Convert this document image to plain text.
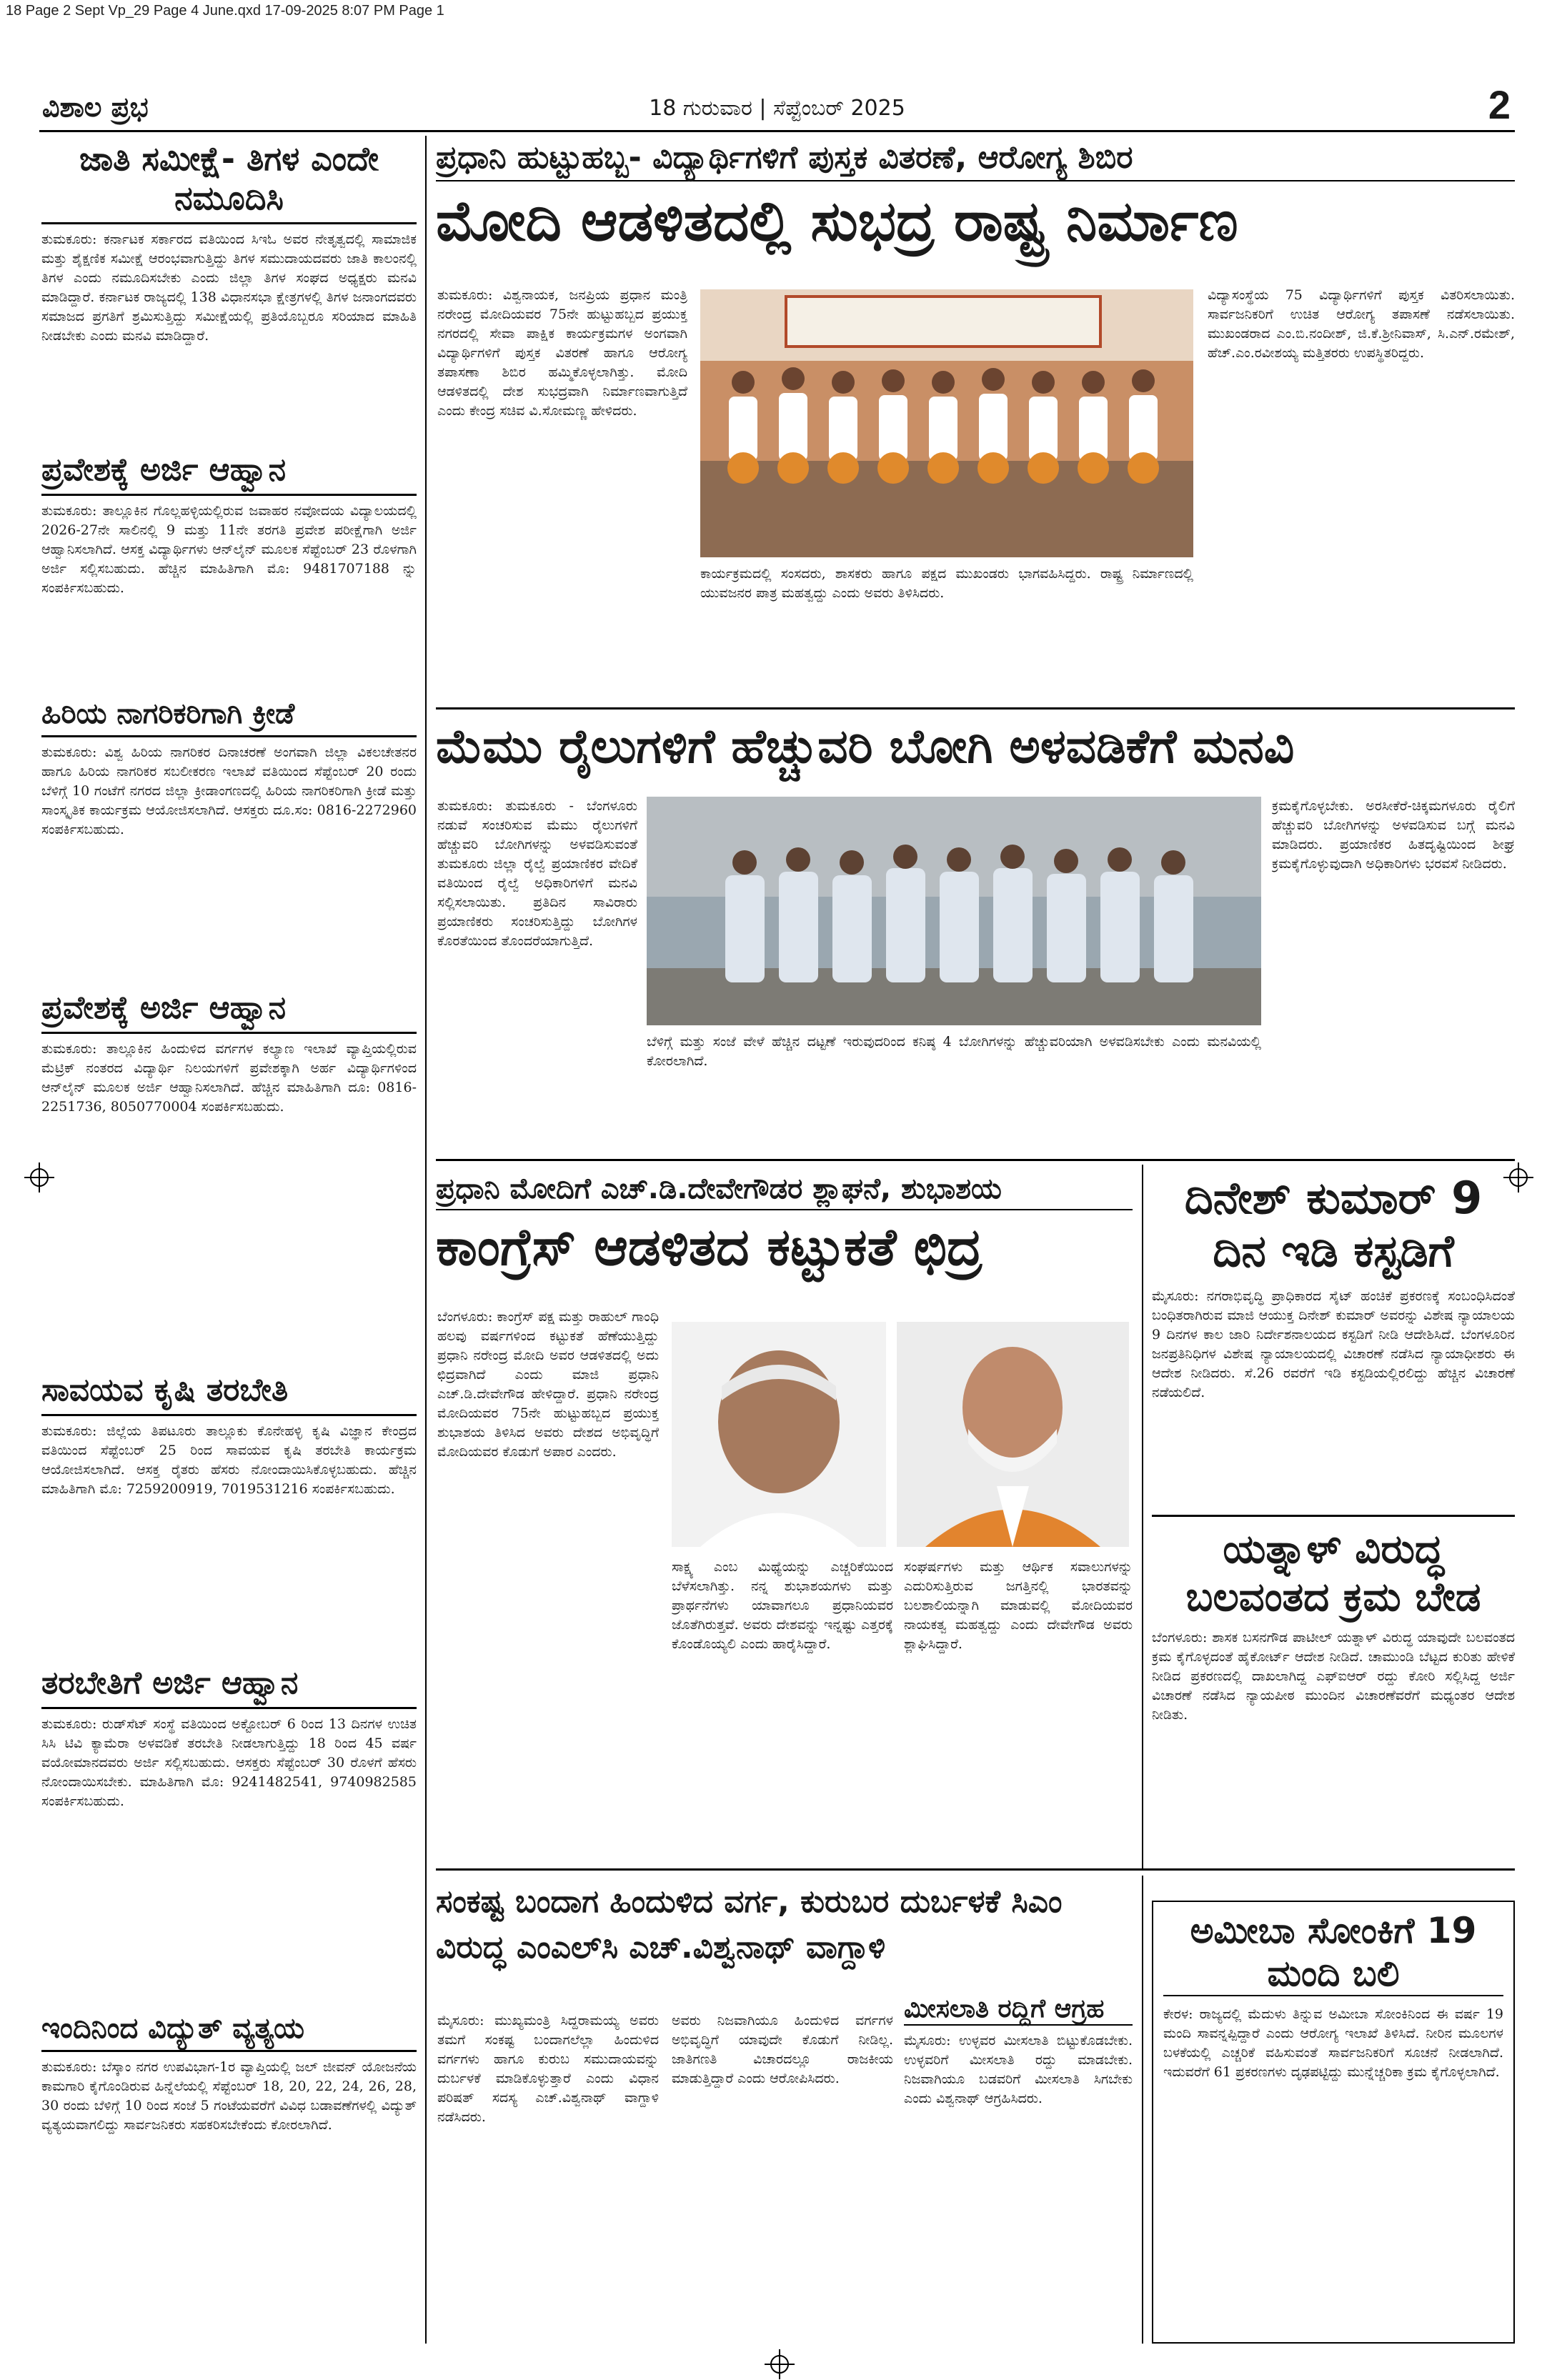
18 Page 2 Sept Vp_29 Page 4 June.qxd 17-09-2025 8:07 PM Page 1
ವಿಶಾಲ ಪ್ರಭ	18 ಗುರುವಾರ | ಸೆಪ್ಟೆಂಬರ್ 2025	2
ಜಾತಿ ಸಮೀಕ್ಷೆ- ತಿಗಳ ಎಂದೇ ನಮೂದಿಸಿ

ತುಮಕೂರು: ಕರ್ನಾಟಕ ಸರ್ಕಾರದ ವತಿಯಿಂದ ಸಿಇಓ ಅವರ ನೇತೃತ್ವದಲ್ಲಿ ಸಾಮಾಜಿಕ ಮತ್ತು ಶೈಕ್ಷಣಿಕ ಸಮೀಕ್ಷೆ ಆರಂಭವಾಗುತ್ತಿದ್ದು ತಿಗಳ ಸಮುದಾಯದವರು ಜಾತಿ ಕಾಲಂನಲ್ಲಿ ತಿಗಳ ಎಂದು ನಮೂದಿಸಬೇಕು ಎಂದು ಜಿಲ್ಲಾ ತಿಗಳ ಸಂಘದ ಅಧ್ಯಕ್ಷರು ಮನವಿ ಮಾಡಿದ್ದಾರೆ. ಕರ್ನಾಟಕ ರಾಜ್ಯದಲ್ಲಿ 138 ವಿಧಾನಸಭಾ ಕ್ಷೇತ್ರಗಳಲ್ಲಿ ತಿಗಳ ಜನಾಂಗದವರು ಸಮಾಜದ ಪ್ರಗತಿಗೆ ಶ್ರಮಿಸುತ್ತಿದ್ದು ಸಮೀಕ್ಷೆಯಲ್ಲಿ ಪ್ರತಿಯೊಬ್ಬರೂ ಸರಿಯಾದ ಮಾಹಿತಿ ನೀಡಬೇಕು ಎಂದು ಮನವಿ ಮಾಡಿದ್ದಾರೆ.

ಪ್ರವೇಶಕ್ಕೆ ಅರ್ಜಿ ಆಹ್ವಾನ

ತುಮಕೂರು: ತಾಲ್ಲೂಕಿನ ಗೊಲ್ಲಹಳ್ಳಿಯಲ್ಲಿರುವ ಜವಾಹರ ನವೋದಯ ವಿದ್ಯಾಲಯದಲ್ಲಿ 2026-27ನೇ ಸಾಲಿನಲ್ಲಿ 9 ಮತ್ತು 11ನೇ ತರಗತಿ ಪ್ರವೇಶ ಪರೀಕ್ಷೆಗಾಗಿ ಅರ್ಜಿ ಆಹ್ವಾನಿಸಲಾಗಿದೆ. ಆಸಕ್ತ ವಿದ್ಯಾರ್ಥಿಗಳು ಆನ್‌ಲೈನ್ ಮೂಲಕ ಸೆಪ್ಟೆಂಬರ್ 23 ರೊಳಗಾಗಿ ಅರ್ಜಿ ಸಲ್ಲಿಸಬಹುದು. ಹೆಚ್ಚಿನ ಮಾಹಿತಿಗಾಗಿ ಮೊ: 9481707188 ನ್ನು ಸಂಪರ್ಕಿಸಬಹುದು.

ಹಿರಿಯ ನಾಗರಿಕರಿಗಾಗಿ ಕ್ರೀಡೆ

ತುಮಕೂರು: ವಿಶ್ವ ಹಿರಿಯ ನಾಗರಿಕರ ದಿನಾಚರಣೆ ಅಂಗವಾಗಿ ಜಿಲ್ಲಾ ವಿಕಲಚೇತನರ ಹಾಗೂ ಹಿರಿಯ ನಾಗರಿಕರ ಸಬಲೀಕರಣ ಇಲಾಖೆ ವತಿಯಿಂದ ಸೆಪ್ಟೆಂಬರ್ 20 ರಂದು ಬೆಳಿಗ್ಗೆ 10 ಗಂಟೆಗೆ ನಗರದ ಜಿಲ್ಲಾ ಕ್ರೀಡಾಂಗಣದಲ್ಲಿ ಹಿರಿಯ ನಾಗರಿಕರಿಗಾಗಿ ಕ್ರೀಡೆ ಮತ್ತು ಸಾಂಸ್ಕೃತಿಕ ಕಾರ್ಯಕ್ರಮ ಆಯೋಜಿಸಲಾಗಿದೆ. ಆಸಕ್ತರು ದೂ.ಸಂ: 0816-2272960 ಸಂಪರ್ಕಿಸಬಹುದು.

ಪ್ರವೇಶಕ್ಕೆ ಅರ್ಜಿ ಆಹ್ವಾನ

ತುಮಕೂರು: ತಾಲ್ಲೂಕಿನ ಹಿಂದುಳಿದ ವರ್ಗಗಳ ಕಲ್ಯಾಣ ಇಲಾಖೆ ವ್ಯಾಪ್ತಿಯಲ್ಲಿರುವ ಮೆಟ್ರಿಕ್ ನಂತರದ ವಿದ್ಯಾರ್ಥಿ ನಿಲಯಗಳಿಗೆ ಪ್ರವೇಶಕ್ಕಾಗಿ ಅರ್ಹ ವಿದ್ಯಾರ್ಥಿಗಳಿಂದ ಆನ್‌ಲೈನ್ ಮೂಲಕ ಅರ್ಜಿ ಆಹ್ವಾನಿಸಲಾಗಿದೆ. ಹೆಚ್ಚಿನ ಮಾಹಿತಿಗಾಗಿ ದೂ: 0816-2251736, 8050770004 ಸಂಪರ್ಕಿಸಬಹುದು.

ಸಾವಯವ ಕೃಷಿ ತರಬೇತಿ

ತುಮಕೂರು: ಜಿಲ್ಲೆಯ ತಿಪಟೂರು ತಾಲ್ಲೂಕು ಕೊನೇಹಳ್ಳಿ ಕೃಷಿ ವಿಜ್ಞಾನ ಕೇಂದ್ರದ ವತಿಯಿಂದ ಸೆಪ್ಟೆಂಬರ್ 25 ರಿಂದ ಸಾವಯವ ಕೃಷಿ ತರಬೇತಿ ಕಾರ್ಯಕ್ರಮ ಆಯೋಜಿಸಲಾಗಿದೆ. ಆಸಕ್ತ ರೈತರು ಹೆಸರು ನೋಂದಾಯಿಸಿಕೊಳ್ಳಬಹುದು. ಹೆಚ್ಚಿನ ಮಾಹಿತಿಗಾಗಿ ಮೊ: 7259200919, 7019531216 ಸಂಪರ್ಕಿಸಬಹುದು.

ತರಬೇತಿಗೆ ಅರ್ಜಿ ಆಹ್ವಾನ

ತುಮಕೂರು: ರುಡ್‌ಸೆಟ್ ಸಂಸ್ಥೆ ವತಿಯಿಂದ ಅಕ್ಟೋಬರ್ 6 ರಿಂದ 13 ದಿನಗಳ ಉಚಿತ ಸಿಸಿ ಟಿವಿ ಕ್ಯಾಮೆರಾ ಅಳವಡಿಕೆ ತರಬೇತಿ ನೀಡಲಾಗುತ್ತಿದ್ದು 18 ರಿಂದ 45 ವರ್ಷ ವಯೋಮಾನದವರು ಅರ್ಜಿ ಸಲ್ಲಿಸಬಹುದು. ಆಸಕ್ತರು ಸೆಪ್ಟೆಂಬರ್ 30 ರೊಳಗೆ ಹೆಸರು ನೋಂದಾಯಿಸಬೇಕು. ಮಾಹಿತಿಗಾಗಿ ಮೊ: 9241482541, 9740982585 ಸಂಪರ್ಕಿಸಬಹುದು.

ಇಂದಿನಿಂದ ವಿದ್ಯುತ್ ವ್ಯತ್ಯಯ

ತುಮಕೂರು: ಬೆಸ್ಕಾಂ ನಗರ ಉಪವಿಭಾಗ-1ರ ವ್ಯಾಪ್ತಿಯಲ್ಲಿ ಜಲ್ ಜೀವನ್ ಯೋಜನೆಯ ಕಾಮಗಾರಿ ಕೈಗೊಂಡಿರುವ ಹಿನ್ನೆಲೆಯಲ್ಲಿ ಸೆಪ್ಟೆಂಬರ್ 18, 20, 22, 24, 26, 28, 30 ರಂದು ಬೆಳಿಗ್ಗೆ 10 ರಿಂದ ಸಂಜೆ 5 ಗಂಟೆಯವರೆಗೆ ವಿವಿಧ ಬಡಾವಣೆಗಳಲ್ಲಿ ವಿದ್ಯುತ್ ವ್ಯತ್ಯಯವಾಗಲಿದ್ದು ಸಾರ್ವಜನಿಕರು ಸಹಕರಿಸಬೇಕೆಂದು ಕೋರಲಾಗಿದೆ.

ಪ್ರಧಾನಿ ಹುಟ್ಟುಹಬ್ಬ- ವಿದ್ಯಾರ್ಥಿಗಳಿಗೆ ಪುಸ್ತಕ ವಿತರಣೆ, ಆರೋಗ್ಯ ಶಿಬಿರ
ಮೋದಿ ಆಡಳಿತದಲ್ಲಿ ಸುಭದ್ರ ರಾಷ್ಟ್ರ ನಿರ್ಮಾಣ

ತುಮಕೂರು: ವಿಶ್ವನಾಯಕ, ಜನಪ್ರಿಯ ಪ್ರಧಾನ ಮಂತ್ರಿ ನರೇಂದ್ರ ಮೋದಿಯವರ 75ನೇ ಹುಟ್ಟುಹಬ್ಬದ ಪ್ರಯುಕ್ತ ನಗರದಲ್ಲಿ ಸೇವಾ ಪಾಕ್ಷಿಕ ಕಾರ್ಯಕ್ರಮಗಳ ಅಂಗವಾಗಿ ವಿದ್ಯಾರ್ಥಿಗಳಿಗೆ ಪುಸ್ತಕ ವಿತರಣೆ ಹಾಗೂ ಆರೋಗ್ಯ ತಪಾಸಣಾ ಶಿಬಿರ ಹಮ್ಮಿಕೊಳ್ಳಲಾಗಿತ್ತು. ಮೋದಿ ಆಡಳಿತದಲ್ಲಿ ದೇಶ ಸುಭದ್ರವಾಗಿ ನಿರ್ಮಾಣವಾಗುತ್ತಿದೆ ಎಂದು ಕೇಂದ್ರ ಸಚಿವ ವಿ.ಸೋಮಣ್ಣ ಹೇಳಿದರು.

ಕಾರ್ಯಕ್ರಮದಲ್ಲಿ ಸಂಸದರು, ಶಾಸಕರು ಹಾಗೂ ಪಕ್ಷದ ಮುಖಂಡರು ಭಾಗವಹಿಸಿದ್ದರು. ರಾಷ್ಟ್ರ ನಿರ್ಮಾಣದಲ್ಲಿ ಯುವಜನರ ಪಾತ್ರ ಮಹತ್ವದ್ದು ಎಂದು ಅವರು ತಿಳಿಸಿದರು.

ವಿದ್ಯಾಸಂಸ್ಥೆಯ 75 ವಿದ್ಯಾರ್ಥಿಗಳಿಗೆ ಪುಸ್ತಕ ವಿತರಿಸಲಾಯಿತು. ಸಾರ್ವಜನಿಕರಿಗೆ ಉಚಿತ ಆರೋಗ್ಯ ತಪಾಸಣೆ ನಡೆಸಲಾಯಿತು. ಮುಖಂಡರಾದ ಎಂ.ಬಿ.ನಂದೀಶ್, ಜಿ.ಕೆ.ಶ್ರೀನಿವಾಸ್, ಸಿ.ಎನ್.ರಮೇಶ್, ಹೆಚ್.ಎಂ.ರವೀಶಯ್ಯ ಮತ್ತಿತರರು ಉಪಸ್ಥಿತರಿದ್ದರು.

ಮೆಮು ರೈಲುಗಳಿಗೆ ಹೆಚ್ಚುವರಿ ಬೋಗಿ ಅಳವಡಿಕೆಗೆ ಮನವಿ

ತುಮಕೂರು: ತುಮಕೂರು - ಬೆಂಗಳೂರು ನಡುವೆ ಸಂಚರಿಸುವ ಮೆಮು ರೈಲುಗಳಿಗೆ ಹೆಚ್ಚುವರಿ ಬೋಗಿಗಳನ್ನು ಅಳವಡಿಸುವಂತೆ ತುಮಕೂರು ಜಿಲ್ಲಾ ರೈಲ್ವೆ ಪ್ರಯಾಣಿಕರ ವೇದಿಕೆ ವತಿಯಿಂದ ರೈಲ್ವೆ ಅಧಿಕಾರಿಗಳಿಗೆ ಮನವಿ ಸಲ್ಲಿಸಲಾಯಿತು. ಪ್ರತಿದಿನ ಸಾವಿರಾರು ಪ್ರಯಾಣಿಕರು ಸಂಚರಿಸುತ್ತಿದ್ದು ಬೋಗಿಗಳ ಕೊರತೆಯಿಂದ ತೊಂದರೆಯಾಗುತ್ತಿದೆ.

ಬೆಳಿಗ್ಗೆ ಮತ್ತು ಸಂಜೆ ವೇಳೆ ಹೆಚ್ಚಿನ ದಟ್ಟಣೆ ಇರುವುದರಿಂದ ಕನಿಷ್ಠ 4 ಬೋಗಿಗಳನ್ನು ಹೆಚ್ಚುವರಿಯಾಗಿ ಅಳವಡಿಸಬೇಕು ಎಂದು ಮನವಿಯಲ್ಲಿ ಕೋರಲಾಗಿದೆ.

ಕ್ರಮಕೈಗೊಳ್ಳಬೇಕು. ಅರಸೀಕೆರೆ-ಚಿಕ್ಕಮಗಳೂರು ರೈಲಿಗೆ ಹೆಚ್ಚುವರಿ ಬೋಗಿಗಳನ್ನು ಅಳವಡಿಸುವ ಬಗ್ಗೆ ಮನವಿ ಮಾಡಿದರು. ಪ್ರಯಾಣಿಕರ ಹಿತದೃಷ್ಟಿಯಿಂದ ಶೀಘ್ರ ಕ್ರಮಕೈಗೊಳ್ಳುವುದಾಗಿ ಅಧಿಕಾರಿಗಳು ಭರವಸೆ ನೀಡಿದರು.

ಪ್ರಧಾನಿ ಮೋದಿಗೆ ಎಚ್.ಡಿ.ದೇವೇಗೌಡರ ಶ್ಲಾಘನೆ, ಶುಭಾಶಯ
ಕಾಂಗ್ರೆಸ್ ಆಡಳಿತದ ಕಟ್ಟುಕತೆ ಛಿದ್ರ

ಬೆಂಗಳೂರು: ಕಾಂಗ್ರೆಸ್ ಪಕ್ಷ ಮತ್ತು ರಾಹುಲ್ ಗಾಂಧಿ ಹಲವು ವರ್ಷಗಳಿಂದ ಕಟ್ಟುಕತೆ ಹೆಣೆಯುತ್ತಿದ್ದು ಪ್ರಧಾನಿ ನರೇಂದ್ರ ಮೋದಿ ಅವರ ಆಡಳಿತದಲ್ಲಿ ಅದು ಛಿದ್ರವಾಗಿದೆ ಎಂದು ಮಾಜಿ ಪ್ರಧಾನಿ ಎಚ್.ಡಿ.ದೇವೇಗೌಡ ಹೇಳಿದ್ದಾರೆ. ಪ್ರಧಾನಿ ನರೇಂದ್ರ ಮೋದಿಯವರ 75ನೇ ಹುಟ್ಟುಹಬ್ಬದ ಪ್ರಯುಕ್ತ ಶುಭಾಶಯ ತಿಳಿಸಿದ ಅವರು ದೇಶದ ಅಭಿವೃದ್ಧಿಗೆ ಮೋದಿಯವರ ಕೊಡುಗೆ ಅಪಾರ ಎಂದರು.

ಸಾಕ್ಷ್ಯ ಎಂಬ ಮಿಥ್ಯೆಯನ್ನು ಎಚ್ಚರಿಕೆಯಿಂದ ಬೆಳೆಸಲಾಗಿತ್ತು. ನನ್ನ ಶುಭಾಶಯಗಳು ಮತ್ತು ಪ್ರಾರ್ಥನೆಗಳು ಯಾವಾಗಲೂ ಪ್ರಧಾನಿಯವರ ಜೊತೆಗಿರುತ್ತವೆ. ಅವರು ದೇಶವನ್ನು ಇನ್ನಷ್ಟು ಎತ್ತರಕ್ಕೆ ಕೊಂಡೊಯ್ಯಲಿ ಎಂದು ಹಾರೈಸಿದ್ದಾರೆ.

ಸಂಘರ್ಷಗಳು ಮತ್ತು ಆರ್ಥಿಕ ಸವಾಲುಗಳನ್ನು ಎದುರಿಸುತ್ತಿರುವ ಜಗತ್ತಿನಲ್ಲಿ ಭಾರತವನ್ನು ಬಲಶಾಲಿಯನ್ನಾಗಿ ಮಾಡುವಲ್ಲಿ ಮೋದಿಯವರ ನಾಯಕತ್ವ ಮಹತ್ವದ್ದು ಎಂದು ದೇವೇಗೌಡ ಅವರು ಶ್ಲಾಘಿಸಿದ್ದಾರೆ.

ದಿನೇಶ್ ಕುಮಾರ್ 9 ದಿನ ಇಡಿ ಕಸ್ಟಡಿಗೆ

ಮೈಸೂರು: ನಗರಾಭಿವೃದ್ಧಿ ಪ್ರಾಧಿಕಾರದ ಸೈಟ್ ಹಂಚಿಕೆ ಪ್ರಕರಣಕ್ಕೆ ಸಂಬಂಧಿಸಿದಂತೆ ಬಂಧಿತರಾಗಿರುವ ಮಾಜಿ ಆಯುಕ್ತ ದಿನೇಶ್ ಕುಮಾರ್ ಅವರನ್ನು ವಿಶೇಷ ನ್ಯಾಯಾಲಯ 9 ದಿನಗಳ ಕಾಲ ಜಾರಿ ನಿರ್ದೇಶನಾಲಯದ ಕಸ್ಟಡಿಗೆ ನೀಡಿ ಆದೇಶಿಸಿದೆ. ಬೆಂಗಳೂರಿನ ಜನಪ್ರತಿನಿಧಿಗಳ ವಿಶೇಷ ನ್ಯಾಯಾಲಯದಲ್ಲಿ ವಿಚಾರಣೆ ನಡೆಸಿದ ನ್ಯಾಯಾಧೀಶರು ಈ ಆದೇಶ ನೀಡಿದರು. ಸೆ.26 ರವರೆಗೆ ಇಡಿ ಕಸ್ಟಡಿಯಲ್ಲಿರಲಿದ್ದು ಹೆಚ್ಚಿನ ವಿಚಾರಣೆ ನಡೆಯಲಿದೆ.

ಯತ್ನಾಳ್ ವಿರುದ್ಧ ಬಲವಂತದ ಕ್ರಮ ಬೇಡ

ಬೆಂಗಳೂರು: ಶಾಸಕ ಬಸನಗೌಡ ಪಾಟೀಲ್ ಯತ್ನಾಳ್ ವಿರುದ್ಧ ಯಾವುದೇ ಬಲವಂತದ ಕ್ರಮ ಕೈಗೊಳ್ಳದಂತೆ ಹೈಕೋರ್ಟ್ ಆದೇಶ ನೀಡಿದೆ. ಚಾಮುಂಡಿ ಬೆಟ್ಟದ ಕುರಿತು ಹೇಳಿಕೆ ನೀಡಿದ ಪ್ರಕರಣದಲ್ಲಿ ದಾಖಲಾಗಿದ್ದ ಎಫ್‌ಐಆರ್ ರದ್ದು ಕೋರಿ ಸಲ್ಲಿಸಿದ್ದ ಅರ್ಜಿ ವಿಚಾರಣೆ ನಡೆಸಿದ ನ್ಯಾಯಪೀಠ ಮುಂದಿನ ವಿಚಾರಣೆವರೆಗೆ ಮಧ್ಯಂತರ ಆದೇಶ ನೀಡಿತು.

ಸಂಕಷ್ಟ ಬಂದಾಗ ಹಿಂದುಳಿದ ವರ್ಗ, ಕುರುಬರ ದುರ್ಬಳಕೆ ಸಿಎಂ ವಿರುದ್ಧ ಎಂಎಲ್‌ಸಿ ಎಚ್.ವಿಶ್ವನಾಥ್ ವಾಗ್ದಾಳಿ

ಮೈಸೂರು: ಮುಖ್ಯಮಂತ್ರಿ ಸಿದ್ದರಾಮಯ್ಯ ಅವರು ತಮಗೆ ಸಂಕಷ್ಟ ಬಂದಾಗಲೆಲ್ಲಾ ಹಿಂದುಳಿದ ವರ್ಗಗಳು ಹಾಗೂ ಕುರುಬ ಸಮುದಾಯವನ್ನು ದುರ್ಬಳಕೆ ಮಾಡಿಕೊಳ್ಳುತ್ತಾರೆ ಎಂದು ವಿಧಾನ ಪರಿಷತ್ ಸದಸ್ಯ ಎಚ್.ವಿಶ್ವನಾಥ್ ವಾಗ್ದಾಳಿ ನಡೆಸಿದರು.

ಅವರು ನಿಜವಾಗಿಯೂ ಹಿಂದುಳಿದ ವರ್ಗಗಳ ಅಭಿವೃದ್ಧಿಗೆ ಯಾವುದೇ ಕೊಡುಗೆ ನೀಡಿಲ್ಲ. ಜಾತಿಗಣತಿ ವಿಚಾರದಲ್ಲೂ ರಾಜಕೀಯ ಮಾಡುತ್ತಿದ್ದಾರೆ ಎಂದು ಆರೋಪಿಸಿದರು.

ಮೀಸಲಾತಿ ರದ್ದಿಗೆ ಆಗ್ರಹ

ಮೈಸೂರು: ಉಳ್ಳವರ ಮೀಸಲಾತಿ ಬಿಟ್ಟುಕೊಡಬೇಕು. ಉಳ್ಳವರಿಗೆ ಮೀಸಲಾತಿ ರದ್ದು ಮಾಡಬೇಕು. ನಿಜವಾಗಿಯೂ ಬಡವರಿಗೆ ಮೀಸಲಾತಿ ಸಿಗಬೇಕು ಎಂದು ವಿಶ್ವನಾಥ್ ಆಗ್ರಹಿಸಿದರು.

ಅಮೀಬಾ ಸೋಂಕಿಗೆ 19 ಮಂದಿ ಬಲಿ

ಕೇರಳ: ರಾಜ್ಯದಲ್ಲಿ ಮೆದುಳು ತಿನ್ನುವ ಅಮೀಬಾ ಸೋಂಕಿನಿಂದ ಈ ವರ್ಷ 19 ಮಂದಿ ಸಾವನ್ನಪ್ಪಿದ್ದಾರೆ ಎಂದು ಆರೋಗ್ಯ ಇಲಾಖೆ ತಿಳಿಸಿದೆ. ನೀರಿನ ಮೂಲಗಳ ಬಳಕೆಯಲ್ಲಿ ಎಚ್ಚರಿಕೆ ವಹಿಸುವಂತೆ ಸಾರ್ವಜನಿಕರಿಗೆ ಸೂಚನೆ ನೀಡಲಾಗಿದೆ. ಇದುವರೆಗೆ 61 ಪ್ರಕರಣಗಳು ದೃಢಪಟ್ಟಿದ್ದು ಮುನ್ನೆಚ್ಚರಿಕಾ ಕ್ರಮ ಕೈಗೊಳ್ಳಲಾಗಿದೆ.
